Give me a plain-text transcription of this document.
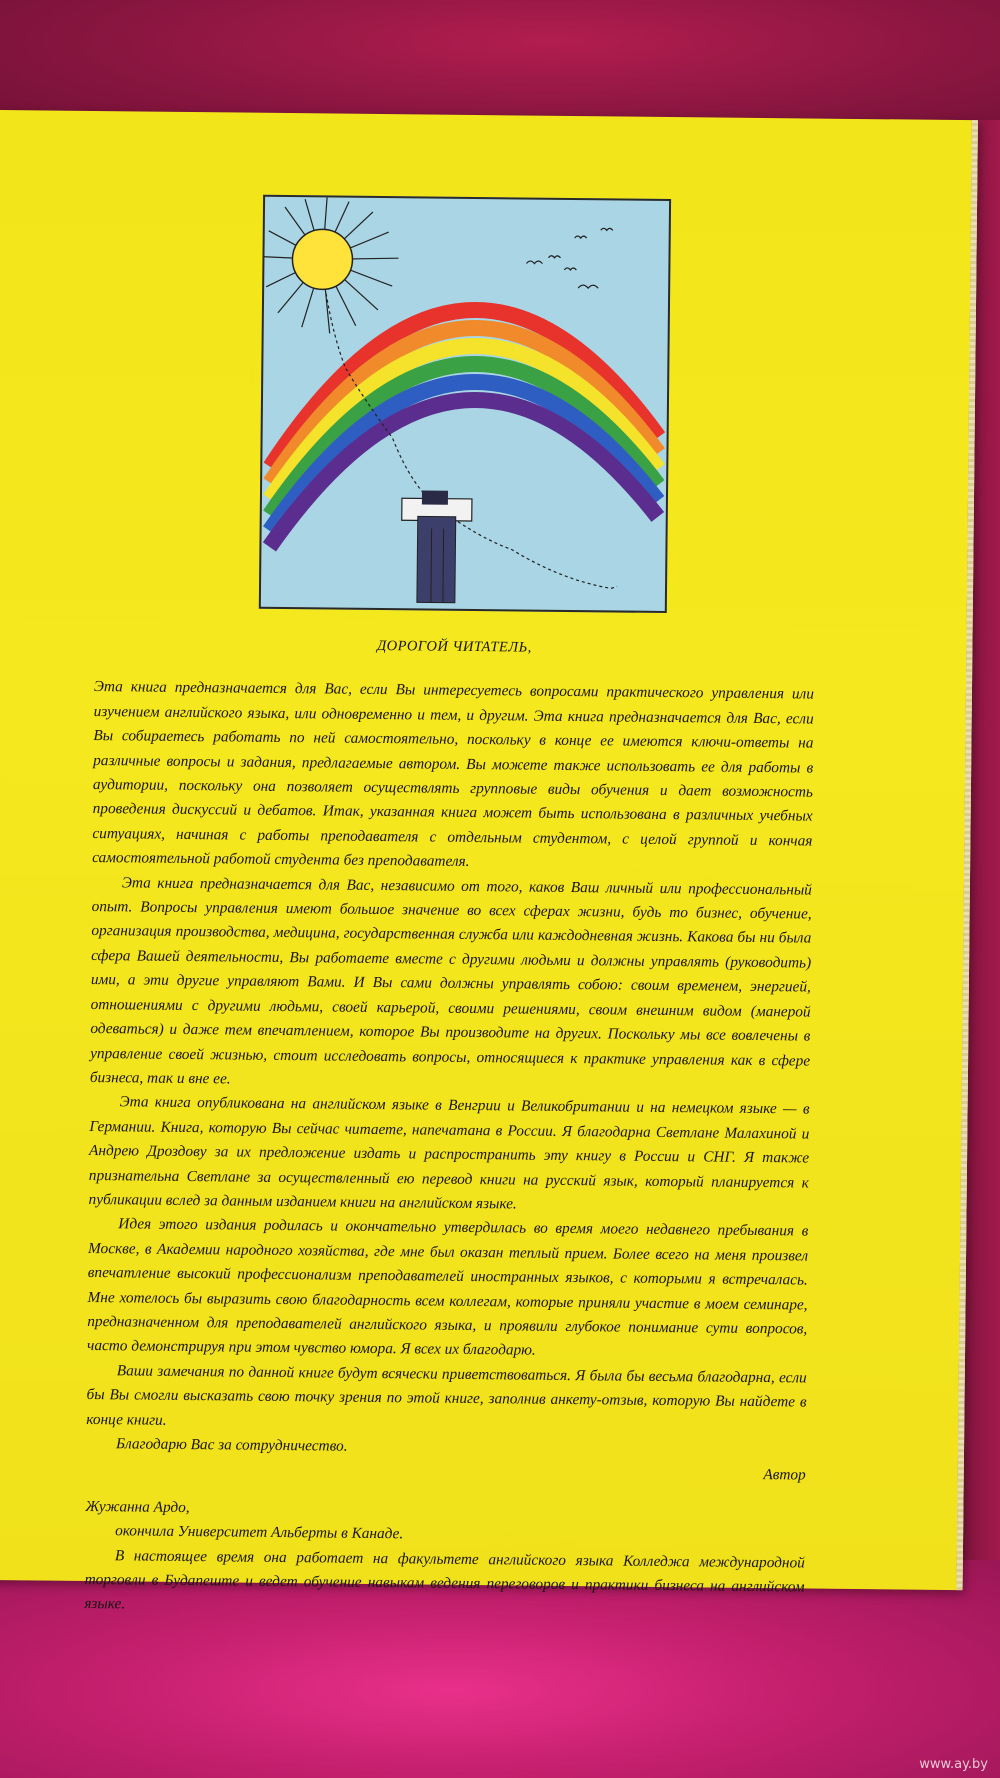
ДОРОГОЙ ЧИТАТЕЛЬ,

Эта книга предназначается для Вас, если Вы интересуетесь вопросами практического управления или изучением английского языка, или одновременно и тем, и другим. Эта книга предназначается для Вас, если Вы собираетесь работать по ней самостоятельно, поскольку в конце ее имеются ключи-ответы на различные вопросы и задания, предлагаемые автором. Вы можете также использовать ее для работы в аудитории, поскольку она позволяет осуществлять групповые виды обучения и дает возможность проведения дискуссий и дебатов. Итак, указанная книга может быть использована в различных учебных ситуациях, начиная с работы преподавателя с отдельным студентом, с целой группой и кончая самостоятельной работой студента без преподавателя.

Эта книга предназначается для Вас, независимо от того, каков Ваш личный или профессиональный опыт. Вопросы управления имеют большое значение во всех сферах жизни, будь то бизнес, обучение, организация производства, медицина, государственная служба или каждодневная жизнь. Какова бы ни была сфера Вашей деятельности, Вы работаете вместе с другими людьми и должны управлять (руководить) ими, а эти другие управляют Вами. И Вы сами должны управлять собою: своим временем, энергией, отношениями с другими людьми, своей карьерой, своими решениями, своим внешним видом (манерой одеваться) и даже тем впечатлением, которое Вы производите на других. Поскольку мы все вовлечены в управление своей жизнью, стоит исследовать вопросы, относящиеся к практике управления как в сфере бизнеса, так и вне ее.

Эта книга опубликована на английском языке в Венгрии и Великобритании и на немецком языке — в Германии. Книга, которую Вы сейчас читаете, напечатана в России. Я благодарна Светлане Малахиной и Андрею Дроздову за их предложение издать и распространить эту книгу в России и СНГ. Я также признательна Светлане за осуществленный ею перевод книги на русский язык, который планируется к публикации вслед за данным изданием книги на английском языке.

Идея этого издания родилась и окончательно утвердилась во время моего недавнего пребывания в Москве, в Академии народного хозяйства, где мне был оказан теплый прием. Более всего на меня произвел впечатление высокий профессионализм преподавателей иностранных языков, с которыми я встречалась. Мне хотелось бы выразить свою благодарность всем коллегам, которые приняли участие в моем семинаре, предназначенном для преподавателей английского языка, и проявили глубокое понимание сути вопросов, часто демонстрируя при этом чувство юмора. Я всех их благодарю.

Ваши замечания по данной книге будут всячески приветствоваться. Я была бы весьма благодарна, если бы Вы смогли высказать свою точку зрения по этой книге, заполнив анкету-отзыв, которую Вы найдете в конце книги.

Благодарю Вас за сотрудничество.

Автор

Жужанна Ардо,

окончила Университет Альберты в Канаде.

В настоящее время она работает на факультете английского языка Колледжа международной торговли в Будапеште и ведет обучение навыкам ведения переговоров и практики бизнеса на английском языке.

www.ay.by
